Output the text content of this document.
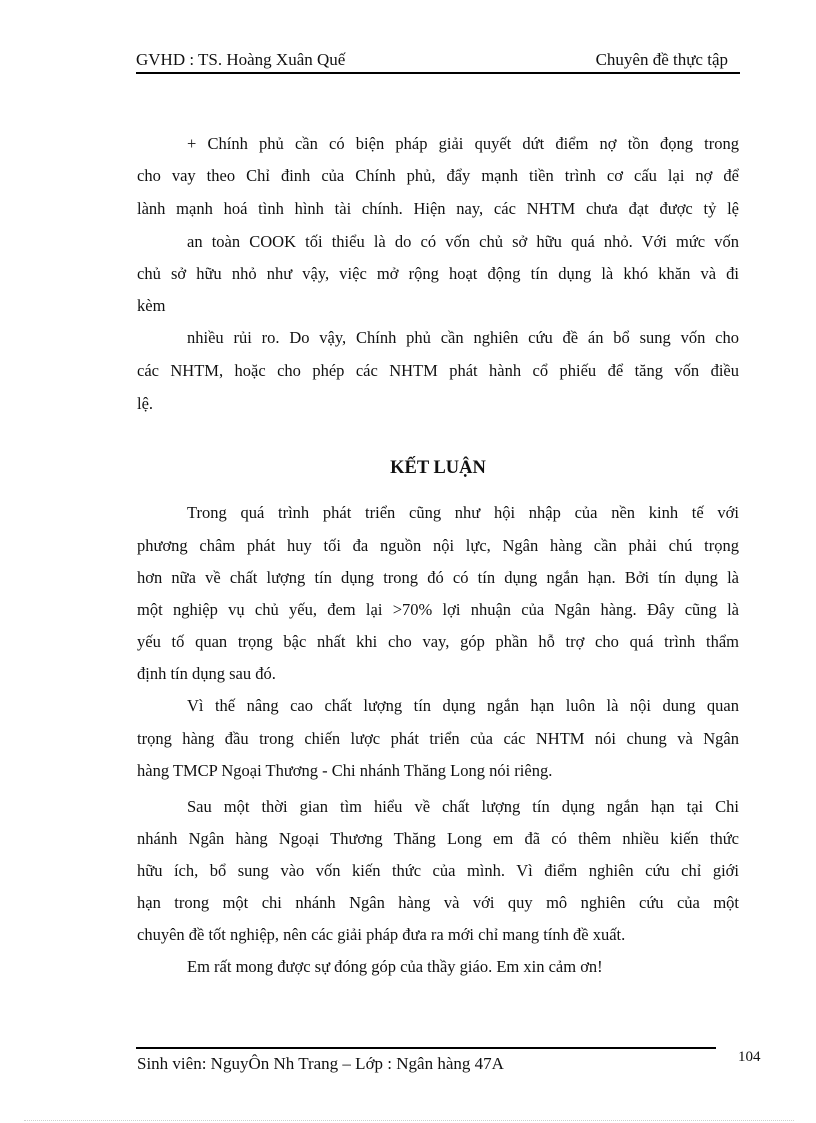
GVHD : TS. Hoàng Xuân Quế	Chuyên đề thực tập

+ Chính phủ cần có biện pháp giải quyết dứt điểm nợ tồn đọng trong

cho vay theo Chỉ đinh của Chính phủ, đẩy mạnh tiền trình cơ cấu lại nợ để

lành mạnh hoá tình hình tài chính. Hiện nay, các NHTM chưa đạt được tỷ lệ

an toàn COOK tối thiểu là do có vốn chủ sở hữu quá nhỏ. Với mức vốn

chủ sở hữu nhỏ như vậy, việc mở rộng hoạt động tín dụng là khó khăn và đi

kèm

nhiều rủi ro. Do vậy, Chính phủ cần nghiên cứu đề án bổ sung vốn cho

các NHTM, hoặc cho phép các NHTM phát hành cổ phiếu để tăng vốn điều

lệ.

KẾT LUẬN

Trong quá trình phát triển cũng như hội nhập của nền kinh tế với

phương châm phát huy tối đa nguồn nội lực, Ngân hàng cần phải chú trọng

hơn nữa về chất lượng tín dụng trong đó có tín dụng ngắn hạn. Bởi tín dụng là

một nghiệp vụ chủ yếu, đem lại >70% lợi nhuận của Ngân hàng. Đây cũng là

yếu tố quan trọng bậc nhất khi cho vay, góp phần hỗ trợ cho quá trình thẩm

định tín dụng sau đó.

Vì thế nâng cao chất lượng tín dụng ngắn hạn luôn là nội dung quan

trọng hàng đầu trong chiến lược phát triển của các NHTM nói chung và Ngân

hàng TMCP Ngoại Thương - Chi nhánh Thăng Long nói riêng.

Sau một thời gian tìm hiểu về chất lượng tín dụng ngắn hạn tại Chi

nhánh Ngân hàng Ngoại Thương Thăng Long em đã có thêm nhiều kiến thức

hữu ích, bổ sung vào vốn kiến thức của mình. Vì điểm nghiên cứu chỉ giới

hạn trong một chi nhánh Ngân hàng và với quy mô nghiên cứu của một

chuyên đề tốt nghiệp, nên các giải pháp đưa ra mới chỉ mang tính đề xuất.

Em rất mong được sự đóng góp của thầy giáo. Em xin cảm ơn!

Sinh viên: NguyÔn Nh Trang – Lớp : Ngân hàng 47A	104
